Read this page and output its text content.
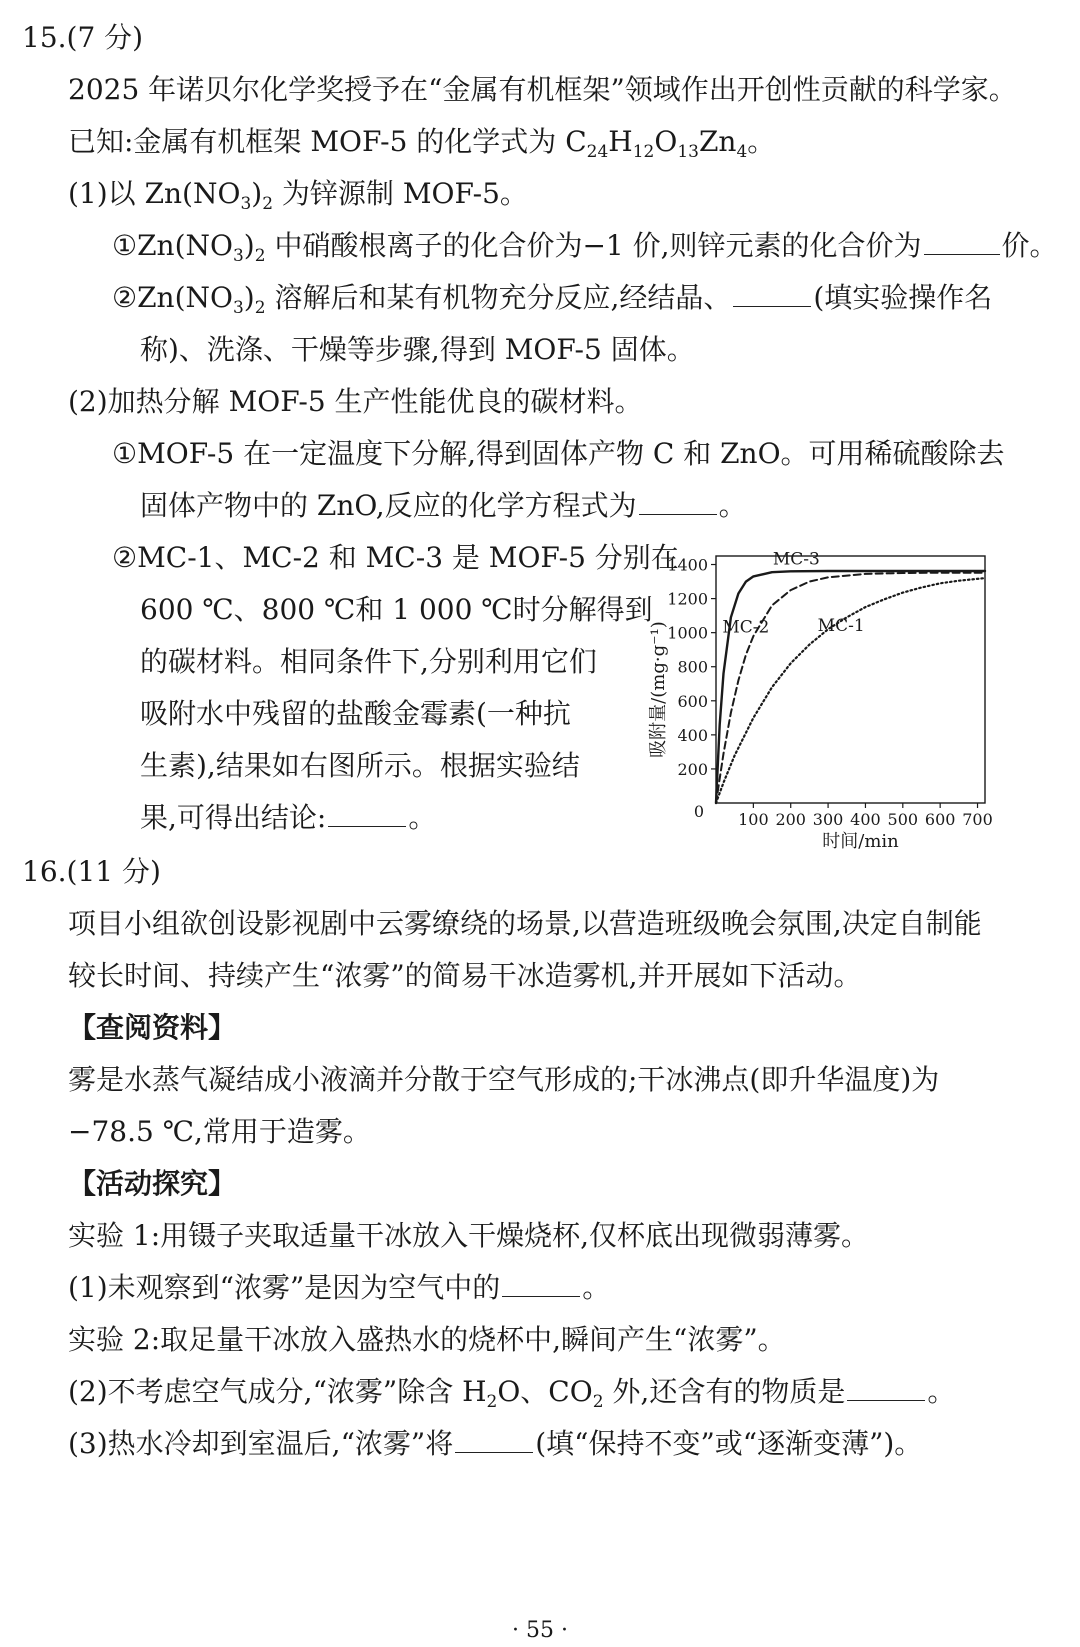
15.(7 分)
2025 年诺贝尔化学奖授予在“金属有机框架”领域作出开创性贡献的科学家。
已知:金属有机框架 MOF-5 的化学式为 $C_{24}H_{12}O_{13}Zn_4$。
(1)以 $Zn(NO_3)_2$ 为锌源制 MOF-5。
$①Zn(NO_3)_2$ 中硝酸根离子的化合价为−1 价,则锌元素的化合价为	价。
$②Zn(NO_3)_2$ 溶解后和某有机物充分反应,经结晶、	(填实验操作名
称)、洗涤、干燥等步骤,得到 MOF-5 固体。
(2)加热分解 MOF-5 生产性能优良的碳材料。
①MOF-5 在一定温度下分解,得到固体产物 C 和 ZnO。可用稀硫酸除去
固体产物中的 ZnO,反应的化学方程式为	。
②MC-1、MC-2 和 MC-3 是 MOF-5 分别在
600 ℃、800 ℃和 1 000 ℃时分解得到
的碳材料。相同条件下,分别利用它们
吸附水中残留的盐酸金霉素(一种抗
生素),结果如右图所示。根据实验结
果,可得出结论:	。
200
400
600
800
1000
1200
1400
100 200 300 400 500 600 700
0
时间/min
吸附量/(mg·g⁻¹)
MC-3
MC-2	MC-1
16.(11 分)
项目小组欲创设影视剧中云雾缭绕的场景,以营造班级晚会氛围,决定自制能
较长时间、持续产生“浓雾”的简易干冰造雾机,并开展如下活动。
【查阅资料】
雾是水蒸气凝结成小液滴并分散于空气形成的;干冰沸点(即升华温度)为
−78.5 ℃,常用于造雾。
【活动探究】
实验 1:用镊子夹取适量干冰放入干燥烧杯,仅杯底出现微弱薄雾。
(1)未观察到“浓雾”是因为空气中的	。
实验 2:取足量干冰放入盛热水的烧杯中,瞬间产生“浓雾”。
(2)不考虑空气成分,“浓雾”除含 $H_2O$、$CO_2$ 外,还含有的物质是	。
(3)热水冷却到室温后,“浓雾”将	(填“保持不变”或“逐渐变薄”)。
· 55 ·
